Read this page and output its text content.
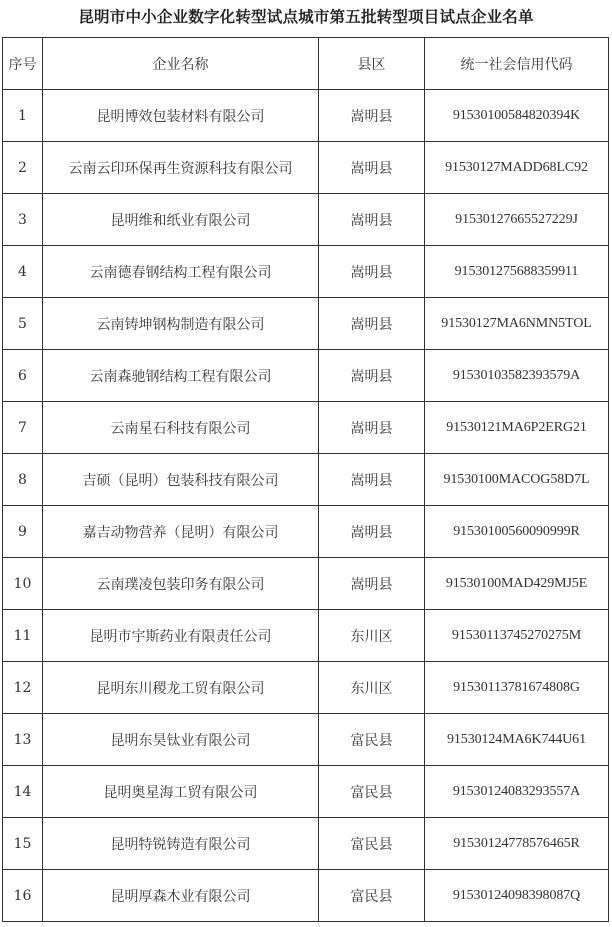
昆明市中小企业数字化转型试点城市第五批转型项目试点企业名单
序号	企业名称	县区	统一社会信用代码
1	昆明博效包装材料有限公司	嵩明县	91530100584820394K
2	云南云印环保再生资源科技有限公司	嵩明县	91530127MADD68LC92
3	昆明维和纸业有限公司	嵩明县	91530127665527229J
4	云南德春钢结构工程有限公司	嵩明县	915301275688359911
5	云南铸坤钢构制造有限公司	嵩明县	91530127MA6NMN5TOL
6	云南森驰钢结构工程有限公司	嵩明县	91530103582393579A
7	云南星石科技有限公司	嵩明县	91530121MA6P2ERG21
8	吉硕（昆明）包装科技有限公司	嵩明县	91530100MACOG58D7L
9	嘉吉动物营养（昆明）有限公司	嵩明县	91530100560090999R
10	云南璞凌包装印务有限公司	嵩明县	91530100MAD429MJ5E
11	昆明市宇斯药业有限责任公司	东川区	91530113745270275M
12	昆明东川稷龙工贸有限公司	东川区	91530113781674808G
13	昆明东昊钛业有限公司	富民县	91530124MA6K744U61
14	昆明奥星海工贸有限公司	富民县	91530124083293557A
15	昆明特锐铸造有限公司	富民县	91530124778576465R
16	昆明厚森木业有限公司	富民县	91530124098398087Q
